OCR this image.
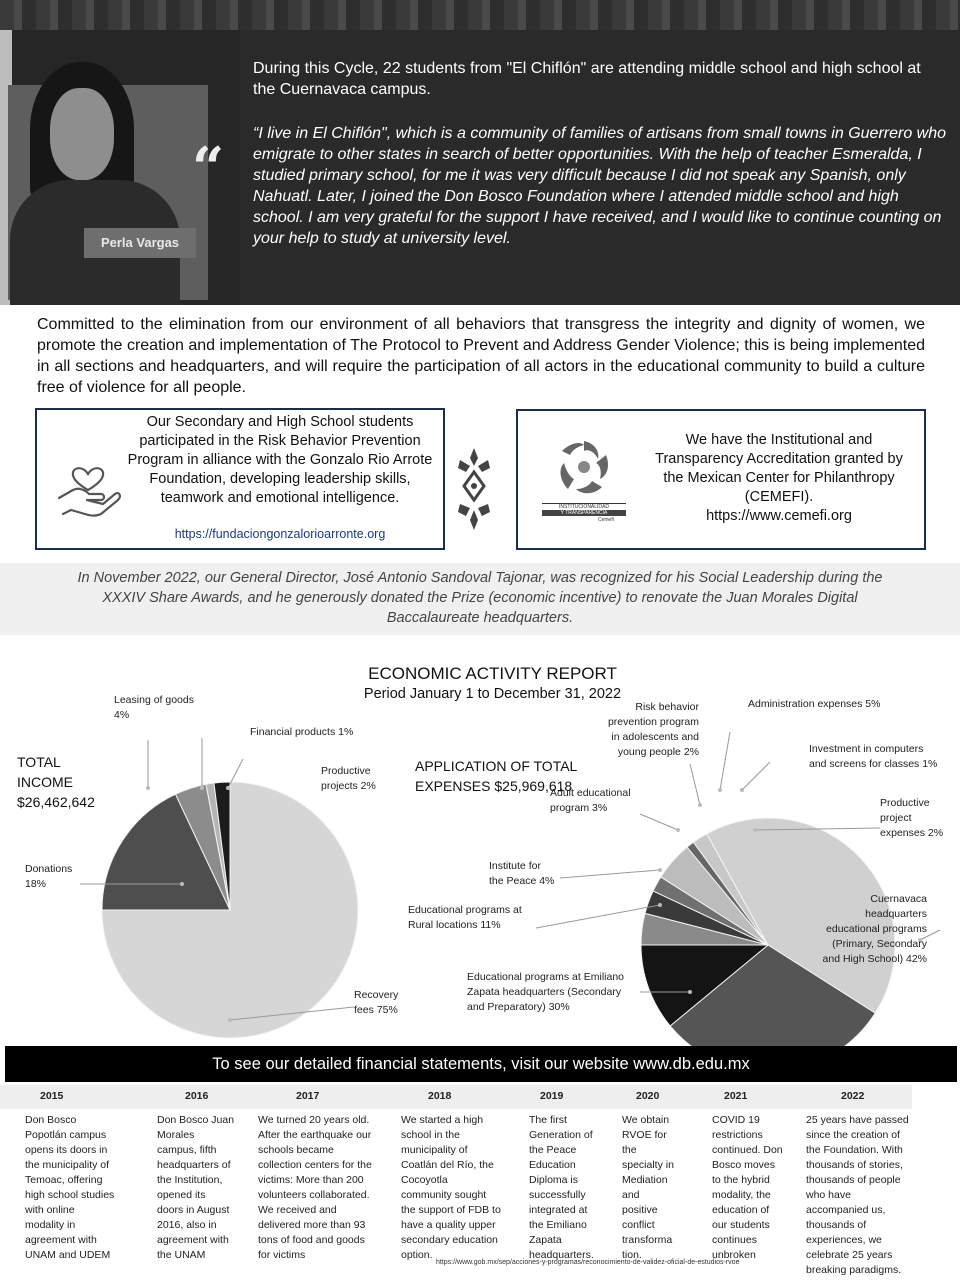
Perla Vargas
“
During this Cycle, 22 students from "El Chiflón" are attending middle school and high school at the Cuernavaca campus.
“I live in El Chiflón", which is a community of families of artisans from small towns in Guerrero who emigrate to other states in search of better opportunities. With the help of teacher Esmeralda, I studied primary school, for me it was very difficult because I did not speak any Spanish, only Nahuatl. Later, I joined the Don Bosco Foundation where I attended middle school and high school. I am very grateful for the support I have received, and I would like to continue counting on your help to study at university level.
Committed to the elimination from our environment of all behaviors that transgress the integrity and dignity of women, we promote the creation and implementation of The Protocol to Prevent and Address Gender Violence; this is being implemented in all sections and headquarters, and will require the participation of all actors in the educational community to build a culture free of violence for all people.
Our Secondary and High School students participated in the Risk Behavior Prevention Program in alliance with the Gonzalo Rio Arrote Foundation, developing leadership skills, teamwork and emotional intelligence.
https://fundaciongonzalorioarronte.org
INSTITUCIONALIDAD
Y TRANSPARENCIA
Cemefi
We have the Institutional and Transparency Accreditation granted by the Mexican Center for Philanthropy (CEMEFI).
https://www.cemefi.org
In November 2022, our General Director, José Antonio Sandoval Tajonar, was recognized for his Social Leadership during the XXXIV Share Awards, and he generously donated the Prize (economic incentive) to renovate the Juan Morales Digital Baccalaureate headquarters.
ECONOMIC ACTIVITY REPORT
Period January 1 to December 31, 2022
TOTAL
INCOME
$26,462,642
APPLICATION OF TOTAL
EXPENSES $25,969,618
Recovery fees 75%
Donations 18%
Leasing of goods 4%
Financial products 1%
Productive projects 2%
Productive project expenses 2%
Cuernavaca headquarters educational programs (Primary, Secondary and High School) 42%
Educational programs at Emiliano Zapata headquarters (Secondary and Preparatory) 30%
Educational programs at Rural locations 11%
Institute for the Peace 4%
Adult educational program 3%
Risk behavior prevention program in adolescents and young people 2%
Administration expenses 5%
Investment in computers and screens for classes 1%
To see our detailed financial statements, visit our website www.db.edu.mx
2015
Don Bosco
Popotlán campus
opens its doors in
the municipality of
Temoac, offering
high school studies
with online
modality in
agreement with
UNAM and UDEM
2016
Don Bosco Juan
Morales
campus, fifth
headquarters of
the Institution,
opened its
doors in August
2016, also in
agreement with
the UNAM
2017
We turned 20 years old.
After the earthquake our
schools became
collection centers for the
victims: More than 200
volunteers collaborated.
We received and
delivered more than 93
tons of food and goods
for victims
2018
We started a high
school in the
municipality of
Coatlán del Río, the
Cocoyotla
community sought
the support of FDB to
have a quality upper
secondary education
option.
2019
The first
Generation of
the Peace
Education
Diploma is
successfully
integrated at
the Emiliano
Zapata
headquarters.
2020
We obtain
RVOE for
the
specialty in
Mediation
and
positive
conflict
transforma
tion.
2021
COVID 19
restrictions
continued. Don
Bosco moves
to the hybrid
modality, the
education of
our students
continues
unbroken
2022
25 years have passed
since the creation of
the Foundation. With
thousands of stories,
thousands of people
who have
accompanied us,
thousands of
experiences, we
celebrate 25 years
breaking paradigms.
https://www.gob.mx/sep/acciones-y-programas/reconocimiento-de-validez-oficial-de-estudios-rvoe
